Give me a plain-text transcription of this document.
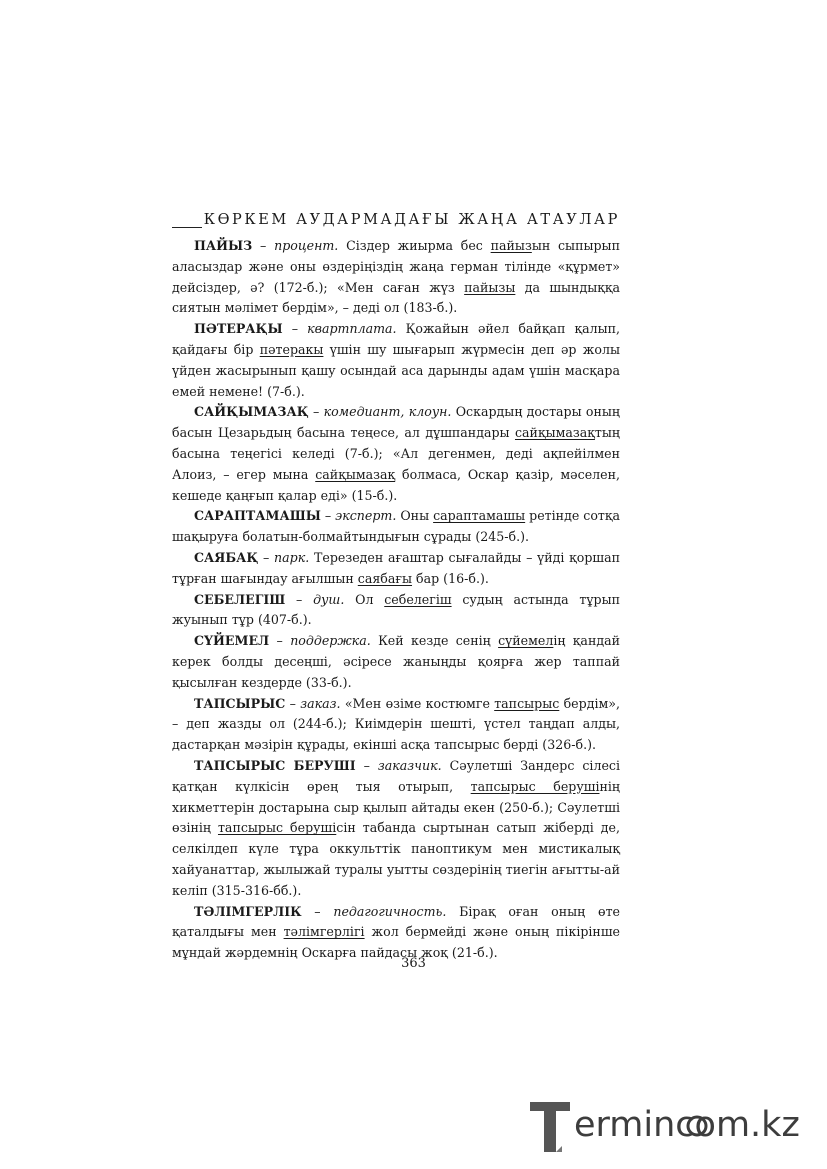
КӨРКЕМ АУДАРМАДАҒЫ ЖАҢА АТАУЛАР

ПАЙЫЗ – процент. Сіздер жиырма бес пайызын сыпырып аласыздар және оны өздеріңіздің жаңа герман тілінде «құрмет» дейсіздер, ә? (172-б.); «Мен саған жүз пайызы да шындыққа сиятын мәлімет бердім», – деді ол (183-б.).

ПӘТЕРАҚЫ – квартплата. Қожайын әйел байқап қалып, қайдағы бір пәтеракы үшін шу шығарып жүрмесін деп әр жолы үйден жасырынып қашу осындай аса дарынды адам үшін масқара емей немене! (7-б.).

САЙҚЫМАЗАҚ – комедиант, клоун. Оскардың достары оның басын Цезарьдың басына теңесе, ал дұшпандары сайқымазақтың басына теңегісі келеді (7-б.); «Ал дегенмен, деді ақпейілмен Алоиз, – егер мына сайқымазақ болмаса, Оскар қазір, мәселен, кешеде қаңғып қалар еді» (15-б.).

САРАПТАМАШЫ – эксперт. Оны сараптамашы ретінде сотқа шақыруға болатын-болмайтындығын сұрады (245-б.).

САЯБАҚ – парк. Терезеден ағаштар сығалайды – үйді қоршап тұрған шағындау ағылшын саябағы бар (16-б.).

СЕБЕЛЕГІШ – душ. Ол себелегіш судың астында тұрып жуынып тұр (407-б.).

СҮЙЕМЕЛ – поддержка. Кей кезде сенің сүйемелің қандай керек болды десеңші, әсіресе жаныңды қоярға жер таппай қысылған кездерде (33-б.).

ТАПСЫРЫС – заказ. «Мен өзіме костюмге тапсырыс бердім», – деп жазды ол (244-б.); Киімдерін шешті, үстел таңдап алды, дастарқан мәзірін құрады, екінші асқа тапсырыс берді (326-б.).

ТАПСЫРЫС БЕРУШІ – заказчик. Сәулетші Зандерс сілесі қатқан күлкісін өрең тыя отырып, тапсырыс берушiнің хикметтерін достарына сыр қылып айтады екен (250-б.); Сәулетші өзінің тапсырыс берушiсін табанда сыртынан сатып жіберді де, селкілдеп күле тұра оккульттік паноптикум мен мистикалық хайуанаттар, жылыжай туралы уытты сөздерінің тиегін ағытты-ай келіп (315-316-бб.).

ТӘЛІМГЕРЛІК – педагогичность. Бірақ оған оның өте қаталдығы мен тәлімгерлігі жол бермейді және оның пікірінше мұндай жәрдемнің Оскарға пайдасы жоқ (21-б.).

363
ermincom.kz
